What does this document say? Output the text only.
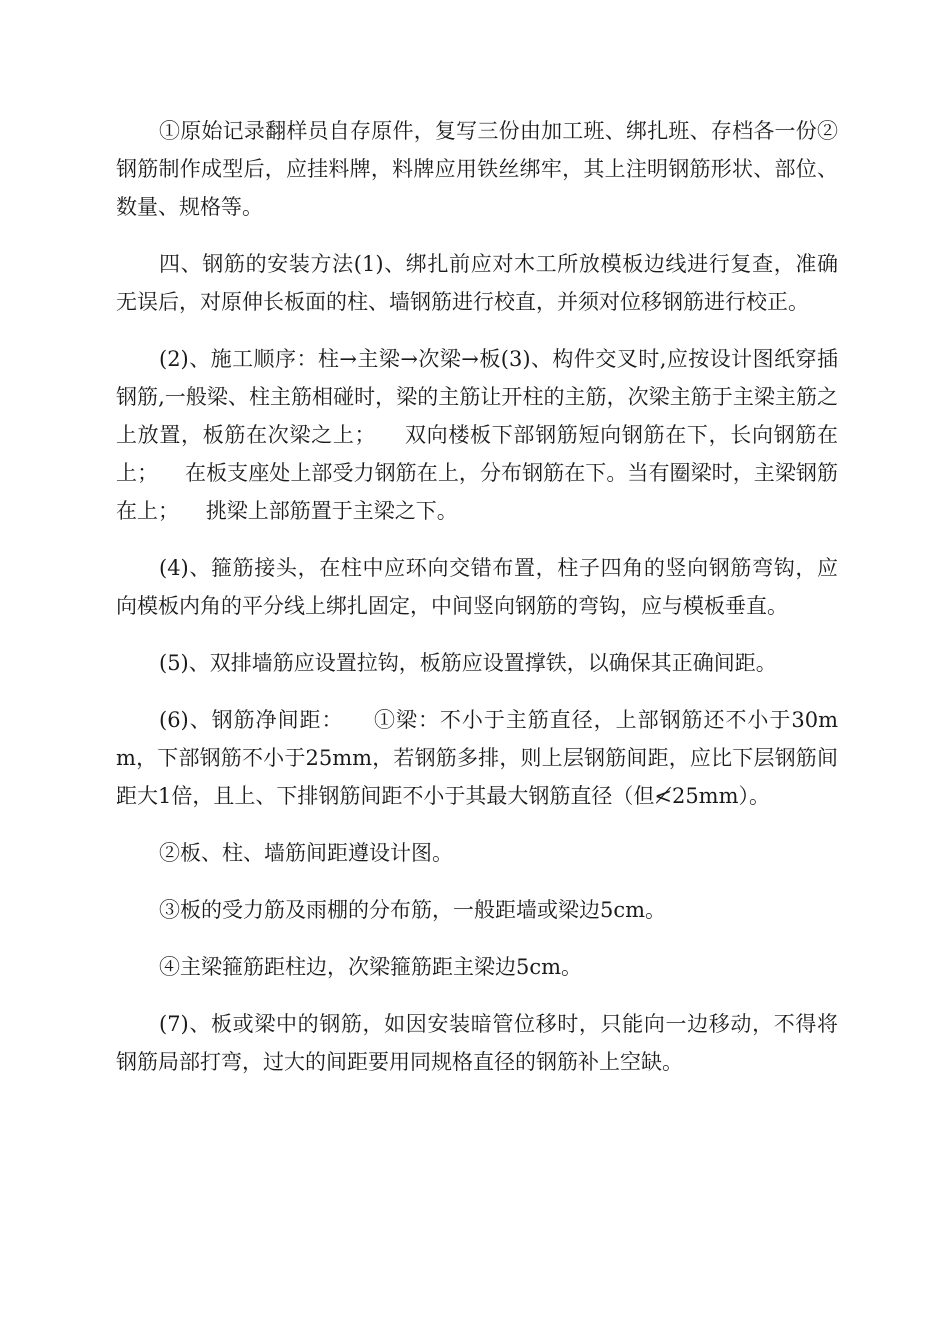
①原始记录翻样员自存原件，复写三份由加工班、绑扎班、存档各一份②钢筋制作成型后，应挂料牌，料牌应用铁丝绑牢，其上注明钢筋形状、部位、数量、规格等。

四、钢筋的安装方法(1)、绑扎前应对木工所放模板边线进行复查，准确无误后，对原伸长板面的柱、墙钢筋进行校直，并须对位移钢筋进行校正。

(2)、施工顺序：柱→主梁→次梁→板(3)、构件交叉时,应按设计图纸穿插钢筋,一般梁、柱主筋相碰时，梁的主筋让开柱的主筋，次梁主筋于主梁主筋之上放置，板筋在次梁之上；    双向楼板下部钢筋短向钢筋在下，长向钢筋在上；    在板支座处上部受力钢筋在上，分布钢筋在下。当有圈梁时，主梁钢筋在上；    挑梁上部筋置于主梁之下。

(4)、箍筋接头，在柱中应环向交错布置，柱子四角的竖向钢筋弯钩，应向模板内角的平分线上绑扎固定，中间竖向钢筋的弯钩，应与模板垂直。

(5)、双排墙筋应设置拉钩，板筋应设置撑铁，以确保其正确间距。

(6)、钢筋净间距：    ①梁：不小于主筋直径，上部钢筋还不小于30mm，下部钢筋不小于25mm，若钢筋多排，则上层钢筋间距，应比下层钢筋间距大1倍，且上、下排钢筋间距不小于其最大钢筋直径（但≮25mm）。

②板、柱、墙筋间距遵设计图。

③板的受力筋及雨棚的分布筋，一般距墙或梁边5cm。

④主梁箍筋距柱边，次梁箍筋距主梁边5cm。

(7)、板或梁中的钢筋，如因安装暗管位移时，只能向一边移动，不得将钢筋局部打弯，过大的间距要用同规格直径的钢筋补上空缺。
